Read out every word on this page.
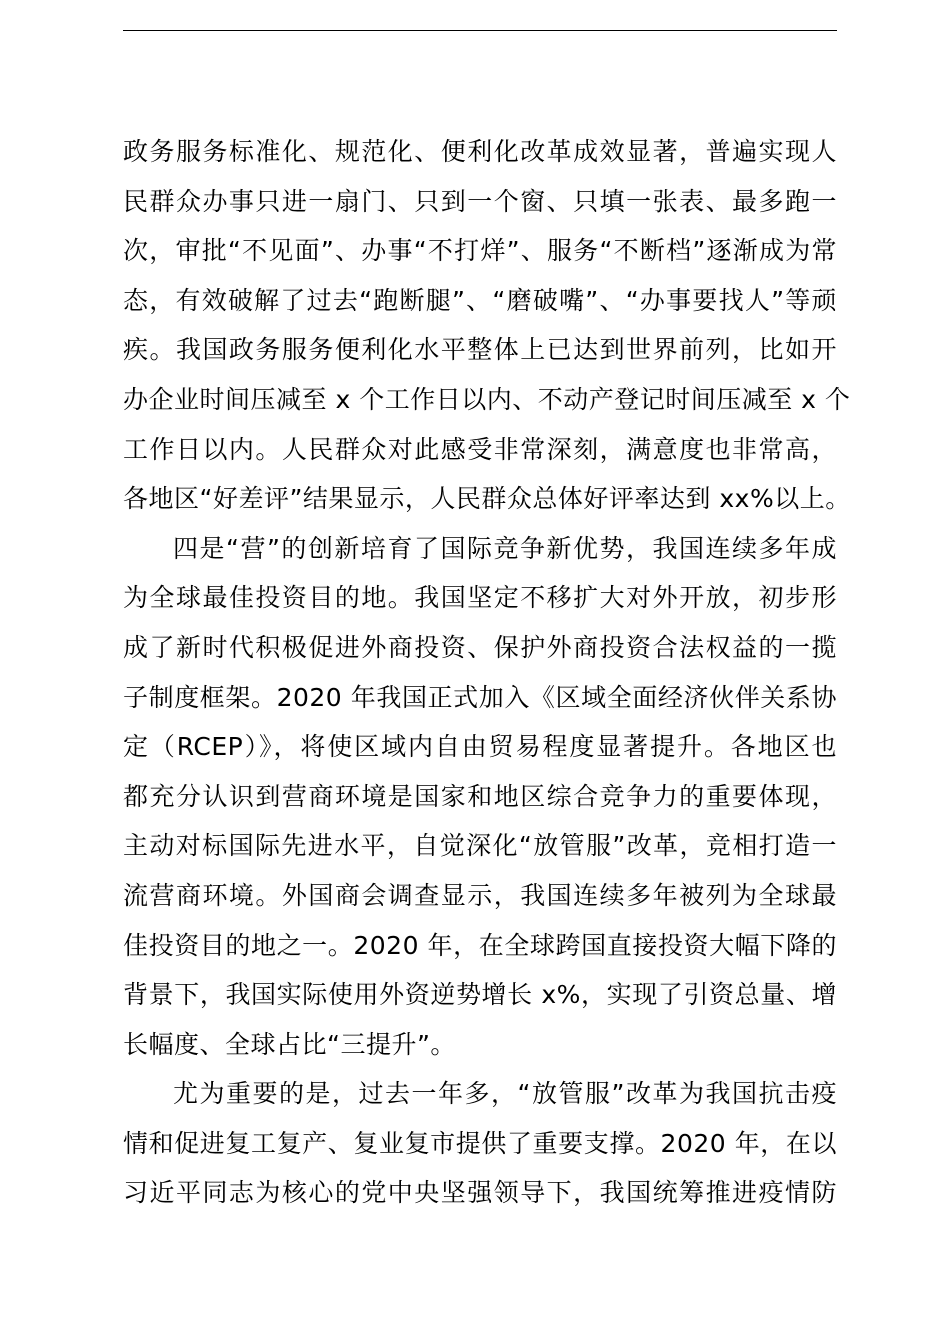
政务服务标准化、规范化、便利化改革成效显著，普遍实现人
民群众办事只进一扇门、只到一个窗、只填一张表、最多跑一
次，审批“不见面”、办事“不打烊”、服务“不断档”逐渐成为常
态，有效破解了过去“跑断腿”、“磨破嘴”、“办事要找人”等顽
疾。我国政务服务便利化水平整体上已达到世界前列，比如开
办企业时间压减至 x 个工作日以内、不动产登记时间压减至 x 个
工作日以内。人民群众对此感受非常深刻，满意度也非常高，
各地区“好差评”结果显示，人民群众总体好评率达到 xx%以上。
四是“营”的创新培育了国际竞争新优势，我国连续多年成
为全球最佳投资目的地。我国坚定不移扩大对外开放，初步形
成了新时代积极促进外商投资、保护外商投资合法权益的一揽
子制度框架。2020 年我国正式加入《区域全面经济伙伴关系协
定（RCEP）》，将使区域内自由贸易程度显著提升。各地区也
都充分认识到营商环境是国家和地区综合竞争力的重要体现，
主动对标国际先进水平，自觉深化“放管服”改革，竞相打造一
流营商环境。外国商会调查显示，我国连续多年被列为全球最
佳投资目的地之一。2020 年，在全球跨国直接投资大幅下降的
背景下，我国实际使用外资逆势增长 x%，实现了引资总量、增
长幅度、全球占比“三提升”。
尤为重要的是，过去一年多，“放管服”改革为我国抗击疫
情和促进复工复产、复业复市提供了重要支撑。2020 年，在以
习近平同志为核心的党中央坚强领导下，我国统筹推进疫情防
